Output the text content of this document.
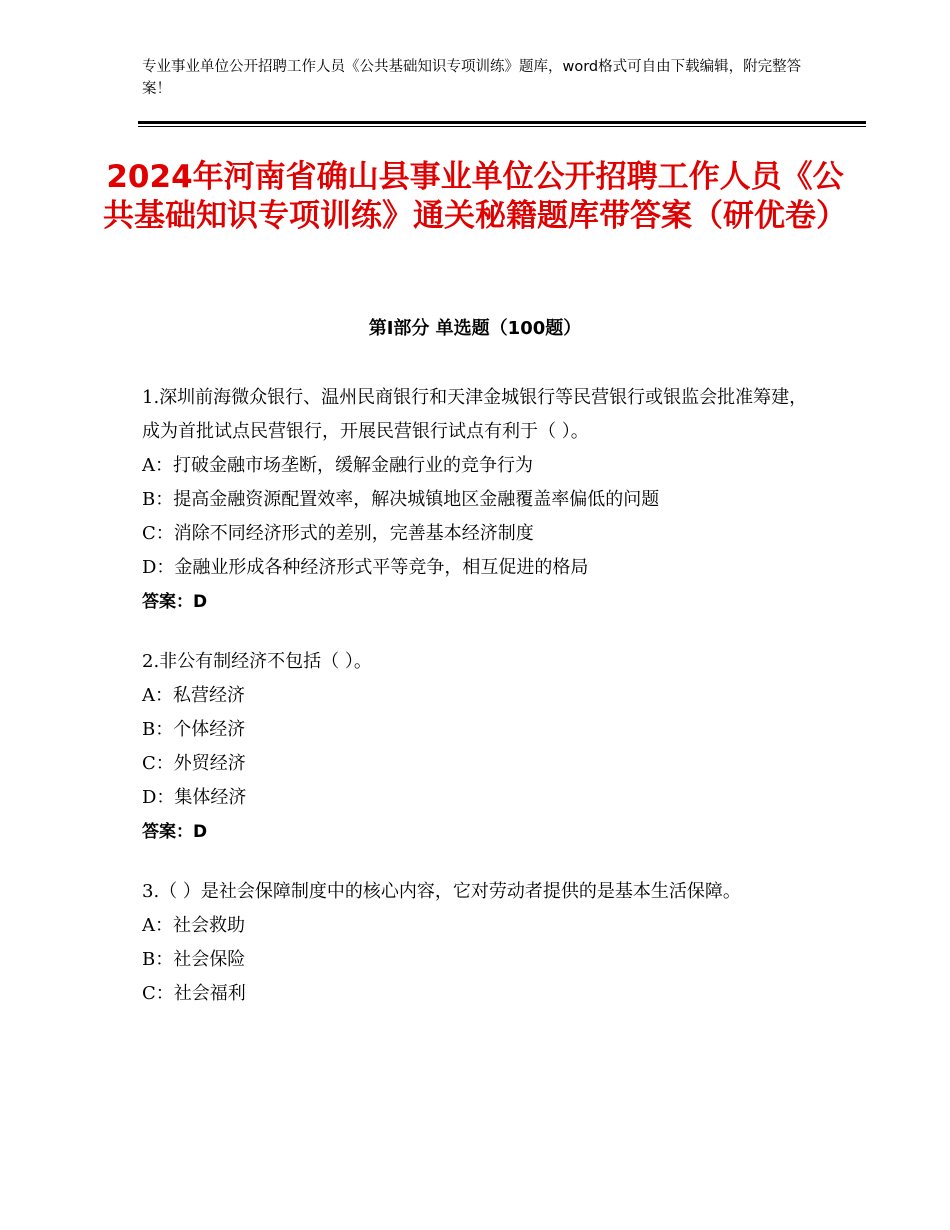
专业事业单位公开招聘工作人员《公共基础知识专项训练》题库，word格式可自由下载编辑，附完整答案！
2024年河南省确山县事业单位公开招聘工作人员《公共基础知识专项训练》通关秘籍题库带答案（研优卷）
第Ⅰ部分 单选题（100题）

1.深圳前海微众银行、温州民商银行和天津金城银行等民营银行或银监会批准筹建，成为首批试点民营银行，开展民营银行试点有利于（ ）。

A：打破金融市场垄断，缓解金融行业的竞争行为

B：提高金融资源配置效率，解决城镇地区金融覆盖率偏低的问题

C：消除不同经济形式的差别，完善基本经济制度

D：金融业形成各种经济形式平等竞争，相互促进的格局

答案：D

2.非公有制经济不包括（ ）。

A：私营经济

B：个体经济

C：外贸经济

D：集体经济

答案：D

3.（ ）是社会保障制度中的核心内容，它对劳动者提供的是基本生活保障。

A：社会救助

B：社会保险

C：社会福利
